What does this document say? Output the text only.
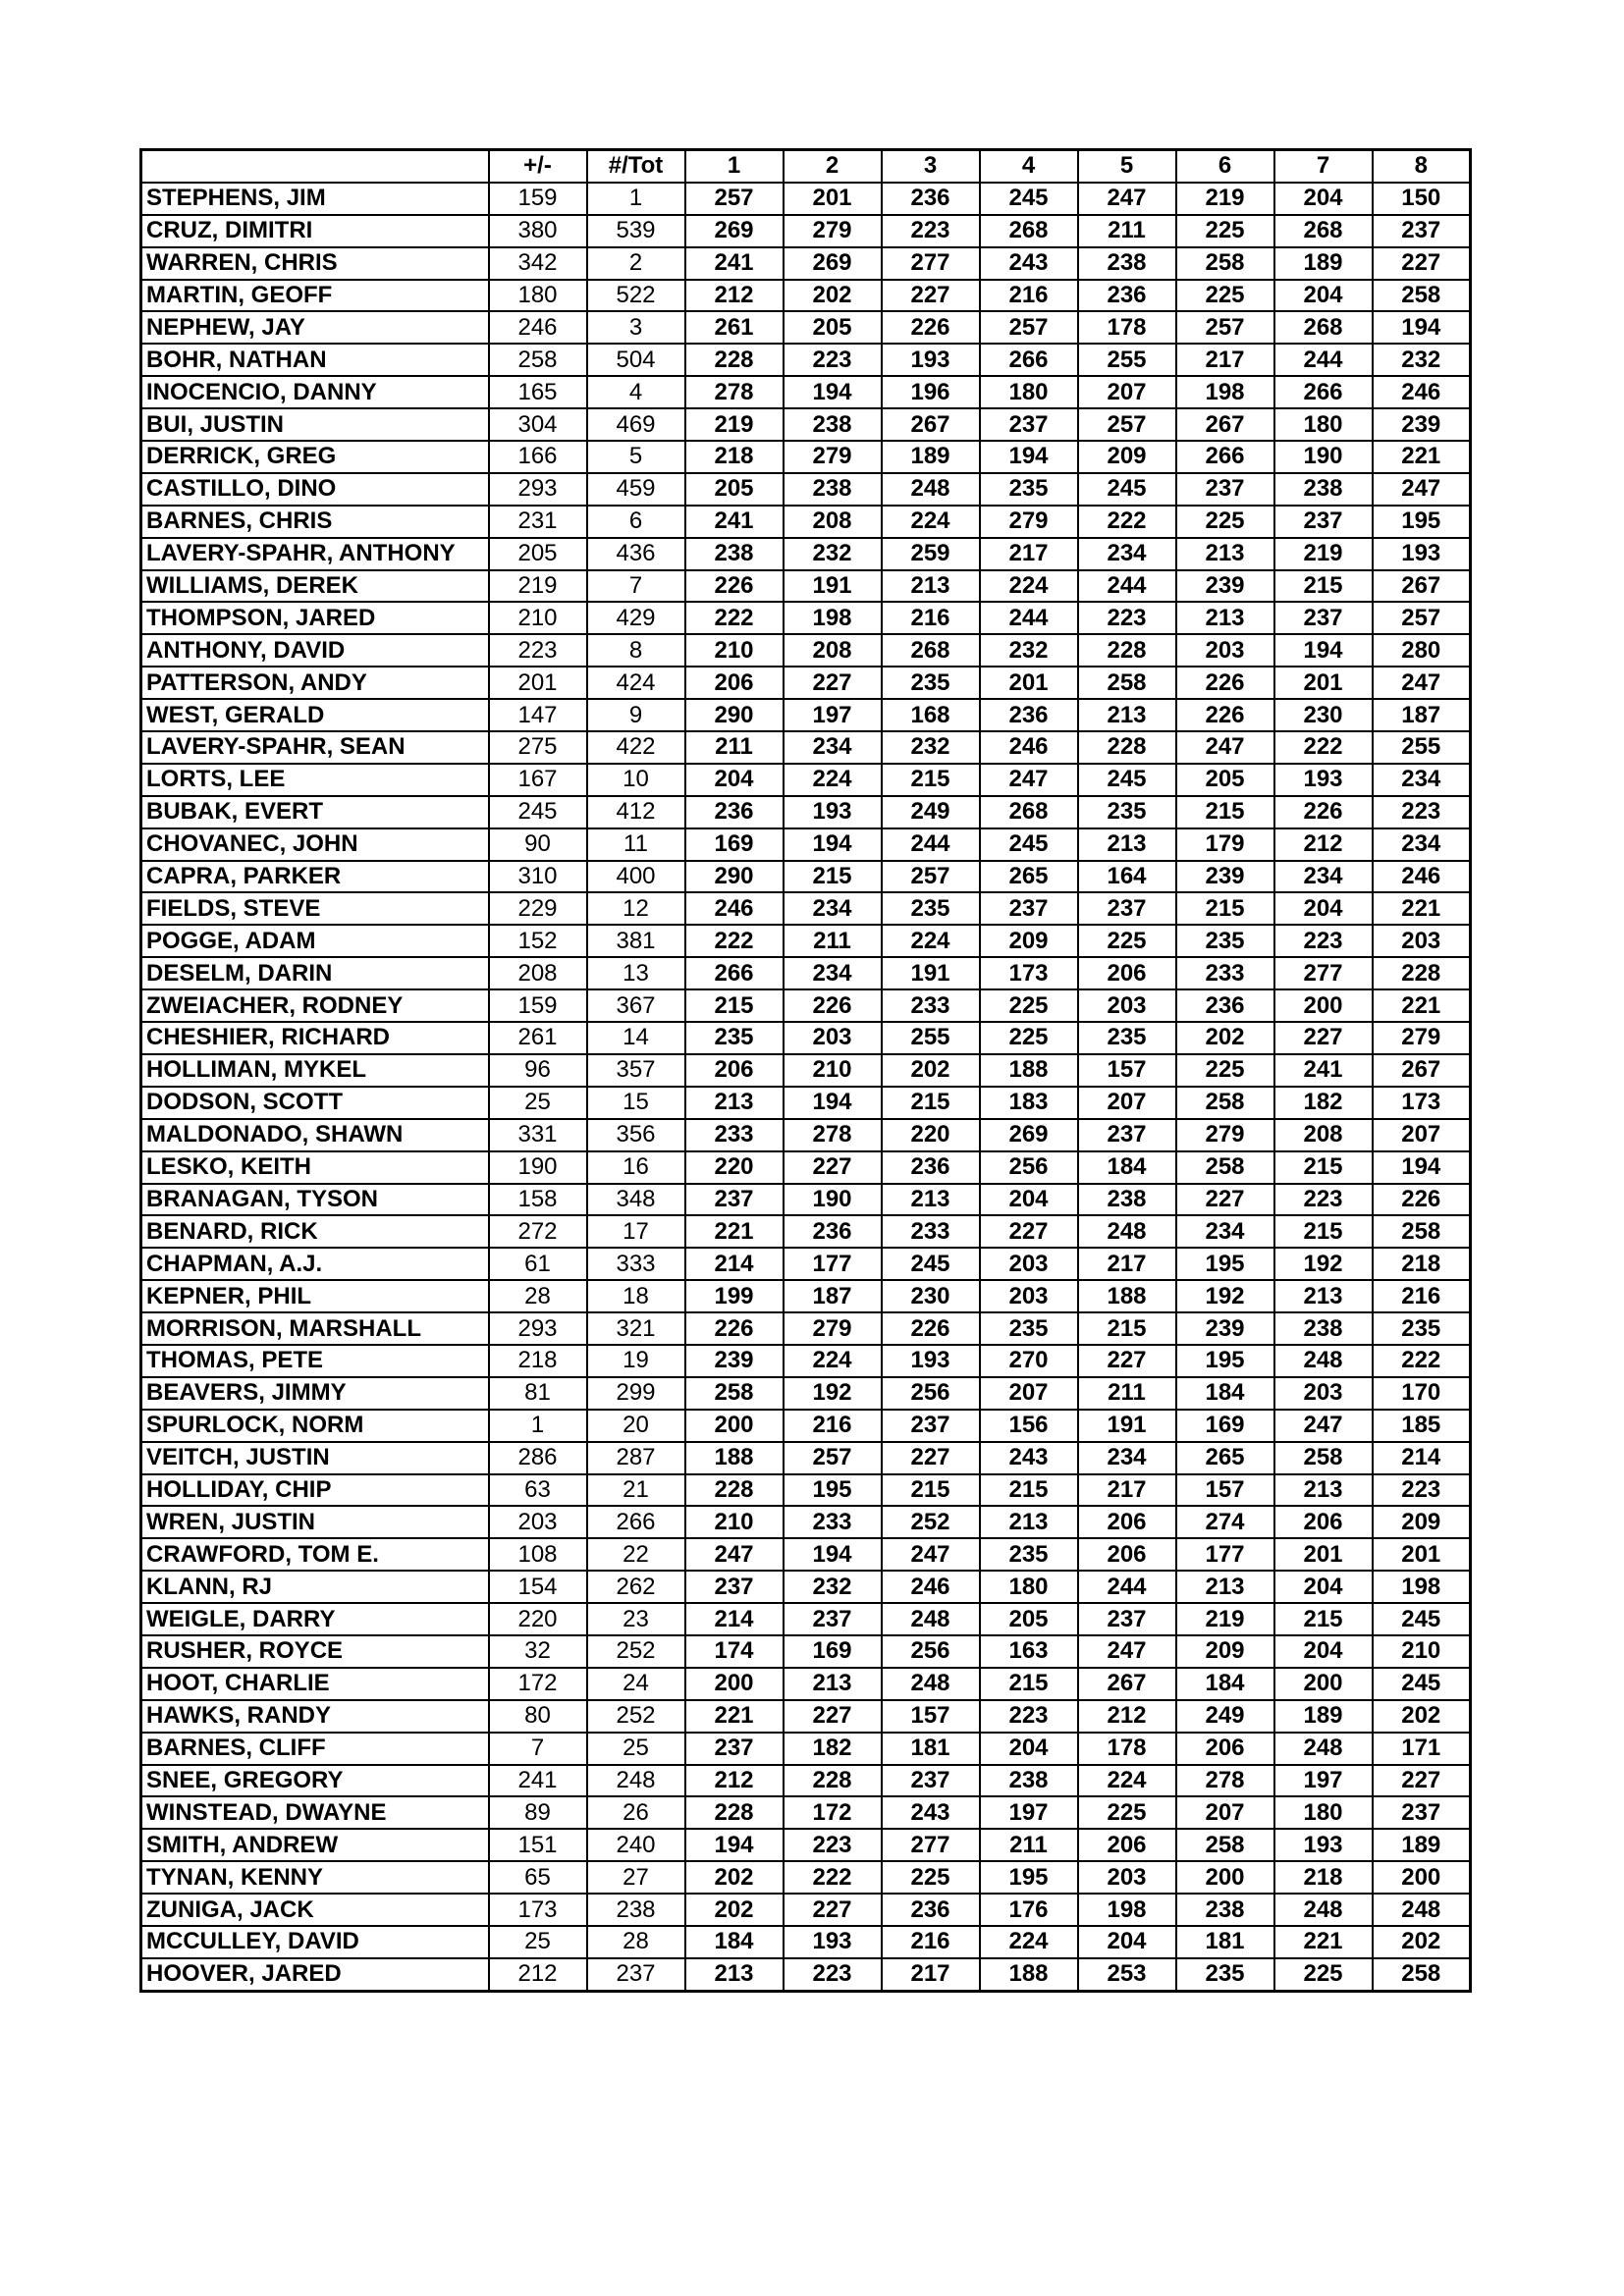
	+/-	#/Tot	1	2	3	4	5	6	7	8
STEPHENS, JIM	159	1	257	201	236	245	247	219	204	150
CRUZ, DIMITRI	380	539	269	279	223	268	211	225	268	237
WARREN, CHRIS	342	2	241	269	277	243	238	258	189	227
MARTIN, GEOFF	180	522	212	202	227	216	236	225	204	258
NEPHEW, JAY	246	3	261	205	226	257	178	257	268	194
BOHR, NATHAN	258	504	228	223	193	266	255	217	244	232
INOCENCIO, DANNY	165	4	278	194	196	180	207	198	266	246
BUI, JUSTIN	304	469	219	238	267	237	257	267	180	239
DERRICK, GREG	166	5	218	279	189	194	209	266	190	221
CASTILLO, DINO	293	459	205	238	248	235	245	237	238	247
BARNES, CHRIS	231	6	241	208	224	279	222	225	237	195
LAVERY-SPAHR, ANTHONY	205	436	238	232	259	217	234	213	219	193
WILLIAMS, DEREK	219	7	226	191	213	224	244	239	215	267
THOMPSON, JARED	210	429	222	198	216	244	223	213	237	257
ANTHONY, DAVID	223	8	210	208	268	232	228	203	194	280
PATTERSON, ANDY	201	424	206	227	235	201	258	226	201	247
WEST, GERALD	147	9	290	197	168	236	213	226	230	187
LAVERY-SPAHR, SEAN	275	422	211	234	232	246	228	247	222	255
LORTS, LEE	167	10	204	224	215	247	245	205	193	234
BUBAK, EVERT	245	412	236	193	249	268	235	215	226	223
CHOVANEC, JOHN	90	11	169	194	244	245	213	179	212	234
CAPRA, PARKER	310	400	290	215	257	265	164	239	234	246
FIELDS, STEVE	229	12	246	234	235	237	237	215	204	221
POGGE, ADAM	152	381	222	211	224	209	225	235	223	203
DESELM, DARIN	208	13	266	234	191	173	206	233	277	228
ZWEIACHER, RODNEY	159	367	215	226	233	225	203	236	200	221
CHESHIER, RICHARD	261	14	235	203	255	225	235	202	227	279
HOLLIMAN, MYKEL	96	357	206	210	202	188	157	225	241	267
DODSON, SCOTT	25	15	213	194	215	183	207	258	182	173
MALDONADO, SHAWN	331	356	233	278	220	269	237	279	208	207
LESKO, KEITH	190	16	220	227	236	256	184	258	215	194
BRANAGAN, TYSON	158	348	237	190	213	204	238	227	223	226
BENARD, RICK	272	17	221	236	233	227	248	234	215	258
CHAPMAN, A.J.	61	333	214	177	245	203	217	195	192	218
KEPNER, PHIL	28	18	199	187	230	203	188	192	213	216
MORRISON, MARSHALL	293	321	226	279	226	235	215	239	238	235
THOMAS, PETE	218	19	239	224	193	270	227	195	248	222
BEAVERS, JIMMY	81	299	258	192	256	207	211	184	203	170
SPURLOCK, NORM	1	20	200	216	237	156	191	169	247	185
VEITCH, JUSTIN	286	287	188	257	227	243	234	265	258	214
HOLLIDAY, CHIP	63	21	228	195	215	215	217	157	213	223
WREN, JUSTIN	203	266	210	233	252	213	206	274	206	209
CRAWFORD, TOM E.	108	22	247	194	247	235	206	177	201	201
KLANN, RJ	154	262	237	232	246	180	244	213	204	198
WEIGLE, DARRY	220	23	214	237	248	205	237	219	215	245
RUSHER, ROYCE	32	252	174	169	256	163	247	209	204	210
HOOT, CHARLIE	172	24	200	213	248	215	267	184	200	245
HAWKS, RANDY	80	252	221	227	157	223	212	249	189	202
BARNES, CLIFF	7	25	237	182	181	204	178	206	248	171
SNEE, GREGORY	241	248	212	228	237	238	224	278	197	227
WINSTEAD, DWAYNE	89	26	228	172	243	197	225	207	180	237
SMITH, ANDREW	151	240	194	223	277	211	206	258	193	189
TYNAN, KENNY	65	27	202	222	225	195	203	200	218	200
ZUNIGA, JACK	173	238	202	227	236	176	198	238	248	248
MCCULLEY, DAVID	25	28	184	193	216	224	204	181	221	202
HOOVER, JARED	212	237	213	223	217	188	253	235	225	258
